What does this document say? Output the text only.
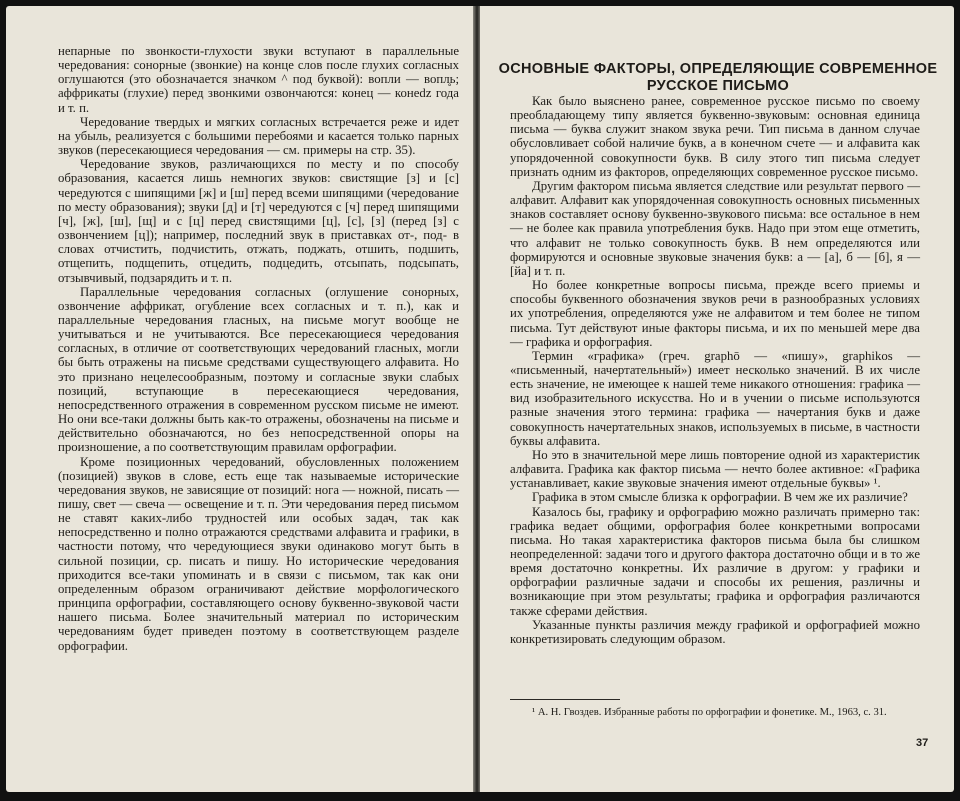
непарные по звонкости-глухости звуки вступают в параллельные чередования: сонорные (звонкие) на конце слов после глухих согласных оглушаются (это обозначается значком ^ под буквой): вопли — вопл̥ь; аффрикаты (глухие) перед звонкими озвончаются: конец — конеǳ года и т. п.

Чередование твердых и мягких согласных встречается реже и идет на убыль, реализуется с большими перебоями и касается только парных звуков (пересекающиеся чередования — см. примеры на стр. 35).

Чередование звуков, различающихся по месту и по способу образования, касается лишь немногих звуков: свистящие [з] и [с] чередуются с шипящими [ж] и [ш] перед всеми шипящими (чередование по месту образования); звуки [д] и [т] чередуются с [ч] перед шипящими [ч], [ж], [ш], [щ] и с [ц] перед свистящими [ц], [с], [з] (перед [з] с озвончением [ц]); например, последний звук в приставках от-, под- в словах отчистить, подчистить, отжать, поджать, отшить, подшить, отщепить, подщепить, отцедить, подцедить, отсыпать, подсыпать, отзывчивый, подзарядить и т. п.

Параллельные чередования согласных (оглушение сонорных, озвончение аффрикат, огубление всех согласных и т. п.), как и параллельные чередования гласных, на письме могут вообще не учитываться и не учитываются. Все пересекающиеся чередования согласных, в отличие от соответствующих чередований гласных, могли бы быть отражены на письме средствами существующего алфавита. Но это признано нецелесообразным, поэтому и согласные звуки слабых позиций, вступающие в пересекающиеся чередования, непосредственного отражения в современном русском письме не имеют. Но они все-таки должны быть как-то отражены, обозначены на письме и действительно обозначаются, но без непосредственной опоры на произношение, а по соответствующим правилам орфографии.

Кроме позиционных чередований, обусловленных положением (позицией) звуков в слове, есть еще так называемые исторические чередования звуков, не зависящие от позиций: нога — ножной, писать — пишу, свет — свеча — освещение и т. п. Эти чередования перед письмом не ставят каких-либо трудностей или особых задач, так как непосредственно и полно отражаются средствами алфавита и графики, в частности потому, что чередующиеся звуки одинаково могут быть в сильной позиции, ср. писать и пишу. Но исторические чередования приходится все-таки упоминать и в связи с письмом, так как они определенным образом ограничивают действие морфологического принципа орфографии, составляющего основу буквенно-звуковой части нашего письма. Более значительный материал по историческим чередованиям будет приведен поэтому в соответствующем разделе орфографии.

ОСНОВНЫЕ ФАКТОРЫ, ОПРЕДЕЛЯЮЩИЕ СОВРЕМЕННОЕ РУССКОЕ ПИСЬМО

Как было выяснено ранее, современное русское письмо по своему преобладающему типу является буквенно-звуковым: основная единица письма — буква служит знаком звука речи. Тип письма в данном случае обусловливает собой наличие букв, а в конечном счете — и алфавита как упорядоченной совокупности букв. В силу этого тип письма следует признать одним из факторов, определяющих современное русское письмо.

Другим фактором письма является следствие или результат первого — алфавит. Алфавит как упорядоченная совокупность основных письменных знаков составляет основу буквенно-звукового письма: все остальное в нем — не более как правила употребления букв. Надо при этом еще отметить, что алфавит не только совокупность букв. В нем определяются или формируются и основные звуковые значения букв: а — [а], б — [б], я — [йа] и т. п.

Но более конкретные вопросы письма, прежде всего приемы и способы буквенного обозначения звуков речи в разнообразных условиях их употребления, определяются уже не алфавитом и тем более не типом письма. Тут действуют иные факторы письма, и их по меньшей мере два — графика и орфография.

Термин «графика» (греч. graphō — «пишу», graphikos — «письменный, начертательный») имеет несколько значений. В их числе есть значение, не имеющее к нашей теме никакого отношения: графика — вид изобразительного искусства. Но и в учении о письме используются разные значения этого термина: графика — начертания букв и даже совокупность начертательных знаков, используемых в письме, в частности буквы алфавита.

Но это в значительной мере лишь повторение одной из характеристик алфавита. Графика как фактор письма — нечто более активное: «Графика устанавливает, какие звуковые значения имеют отдельные буквы» ¹.

Графика в этом смысле близка к орфографии. В чем же их различие?

Казалось бы, графику и орфографию можно различать примерно так: графика ведает общими, орфография более конкретными вопросами письма. Но такая характеристика факторов письма была бы слишком неопределенной: задачи того и другого фактора достаточно общи и в то же время достаточно конкретны. Их различие в другом: у графики и орфографии различные задачи и способы их решения, различны и возникающие при этом результаты; графика и орфография различаются также сферами действия.

Указанные пункты различия между графикой и орфографией можно конкретизировать следующим образом.

¹ А. Н. Гвоздев. Избранные работы по орфографии и фонетике. М., 1963, с. 31.

37
